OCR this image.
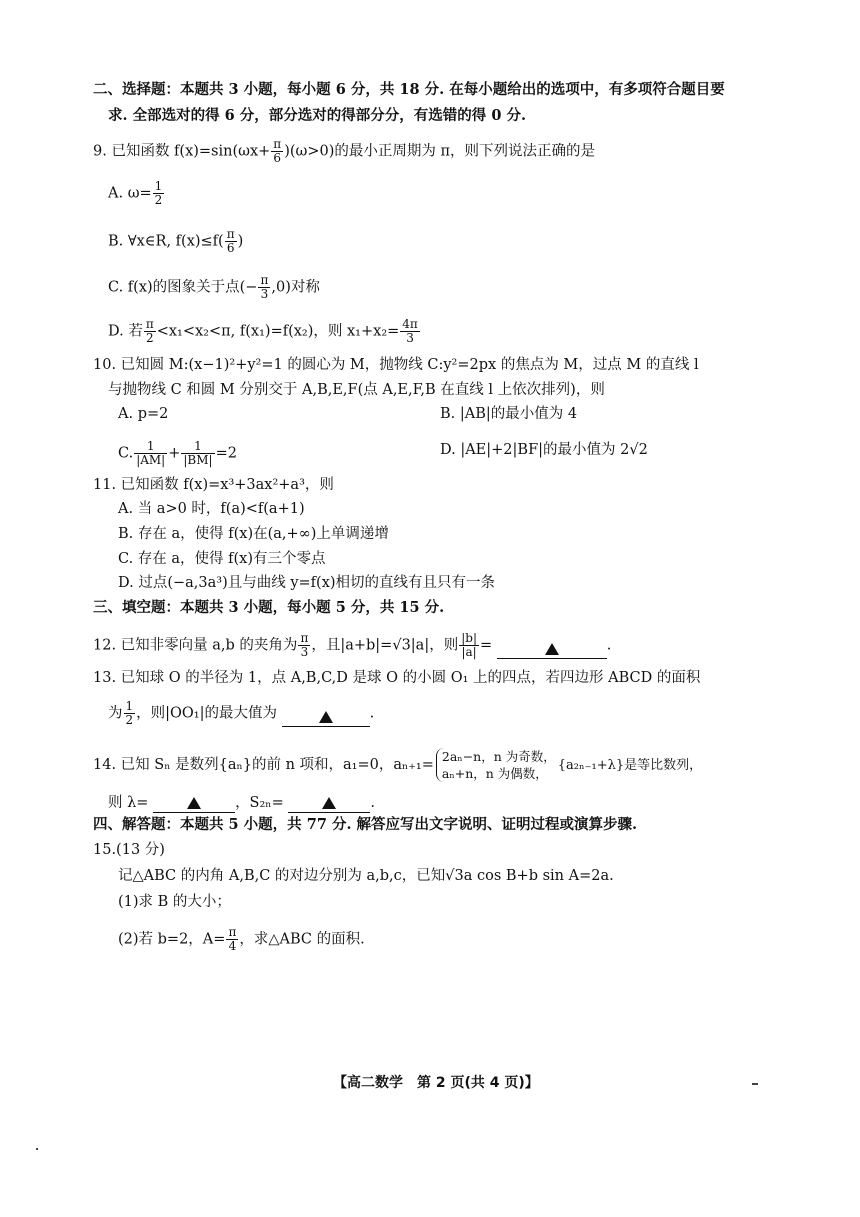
二、选择题：本题共 3 小题，每小题 6 分，共 18 分. 在每小题给出的选项中，有多项符合题目要
求. 全部选对的得 6 分，部分选对的得部分分，有选错的得 0 分.
9. 已知函数 $f(x)=\sin(\omega x+ \frac{\pi}{6} )(\omega>0)$的最小正周期为 π，则下列说法正确的是
A. $\omega= \frac{1}{2}$
B. ∀x∈R, $f(x)\le f( \frac{\pi}{6}$ )
C. f(x)的图象关于点(− $\frac{\pi}{3} ,0$)对称
D. 若 $\frac{\pi}{2} <x_1<x_2<\pi$, f(x₁)=f(x₂)，则 $x_1+x_2= \frac{4\pi}{3}$
10. 已知圆 M:(x−1)²+y²=1 的圆心为 M，抛物线 C:y²=2px 的焦点为 M，过点 M 的直线 l
与抛物线 C 和圆 M 分别交于 A,B,E,F(点 A,E,F,B 在直线 l 上依次排列)，则
A. p=2	B. |AB|的最小值为 4
C. $\frac{1}{|AM|} + \frac{1}{|BM|} =2$	D. |AE|+2|BF|的最小值为 2√2
11. 已知函数 f(x)=x³+3ax²+a³，则
A. 当 a>0 时，f(a)<f(a+1)
B. 存在 a，使得 f(x)在(a,+∞)上单调递增
C. 存在 a，使得 f(x)有三个零点
D. 过点(−a,3a³)且与曲线 y=f(x)相切的直线有且只有一条
三、填空题：本题共 3 小题，每小题 5 分，共 15 分.
12. 已知非零向量 a,b 的夹角为 $\frac{\pi}{3}$ ，且|a+b|=√3|a|，则 $\frac{|b|}{|a|}$ =	.
13. 已知球 O 的半径为 1，点 A,B,C,D 是球 O 的小圆 O₁ 上的四点，若四边形 ABCD 的面积
为 $\frac{1}{2}$ ，则|OO₁|的最大值为	.
14. 已知 Sₙ 是数列{aₙ}的前 n 项和，a₁=0，aₙ₊₁=
2aₙ−n，n 为奇数，
aₙ+n，n 为偶数，
{a₂ₙ₋₁+λ}是等比数列，
则 λ=	，S₂ₙ=	.
四、解答题：本题共 5 小题，共 77 分. 解答应写出文字说明、证明过程或演算步骤.
15.(13 分)
记△ABC 的内角 A,B,C 的对边分别为 a,b,c，已知√3a cos B+b sin A=2a.
(1)求 B 的大小；
(2)若 b=2，$A= \frac{\pi}{4}$ ，求△ABC 的面积.
【高二数学　第 2 页(共 4 页)】
